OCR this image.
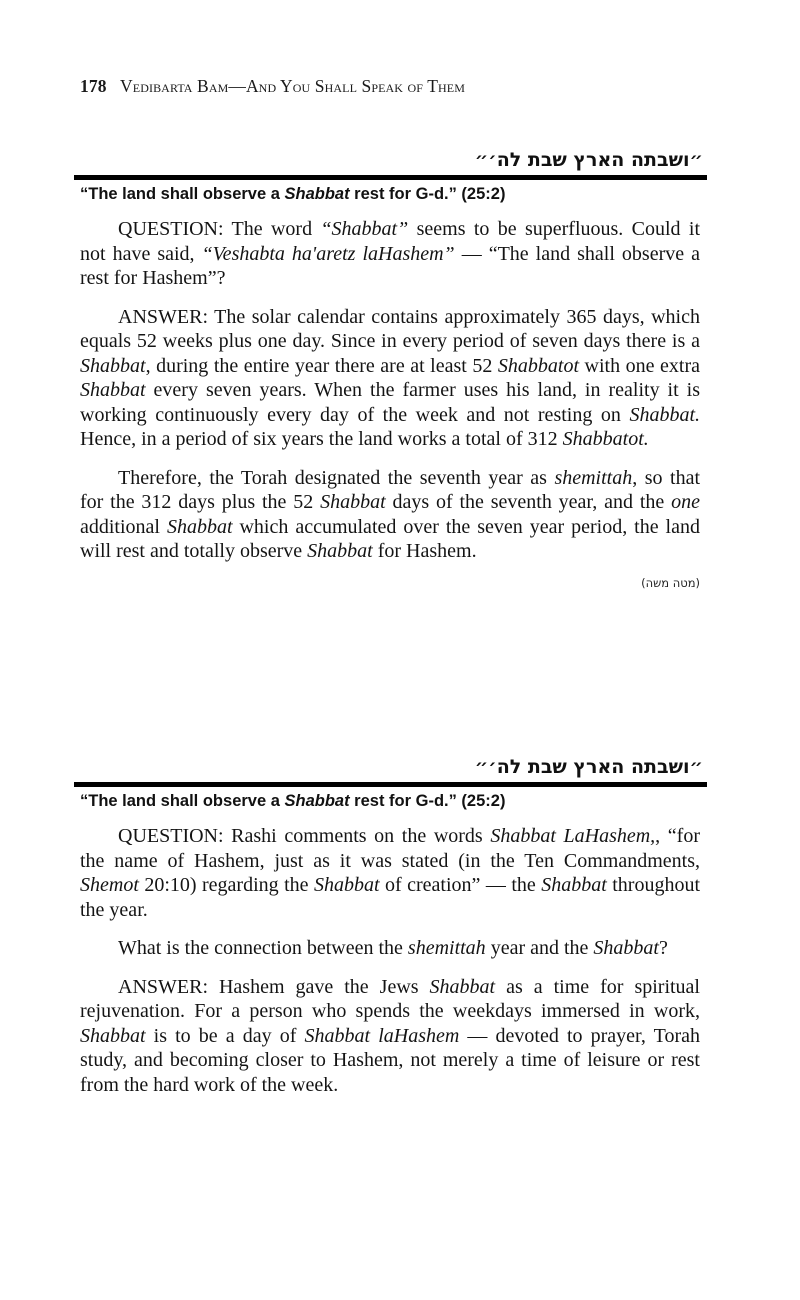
178 Vedibarta Bam—And You Shall Speak of Them
״ושבתה הארץ שבת לה׳״
“The land shall observe a Shabbat rest for G-d.” (25:2)

QUESTION: The word “Shabbat” seems to be superfluous. Could it not have said, “Veshabta ha'aretz laHashem” — “The land shall observe a rest for Hashem”?

ANSWER: The solar calendar contains approximately 365 days, which equals 52 weeks plus one day. Since in every period of seven days there is a Shabbat, during the entire year there are at least 52 Shabbatot with one extra Shabbat every seven years. When the farmer uses his land, in reality it is working continuously every day of the week and not resting on Shabbat. Hence, in a period of six years the land works a total of 312 Shabbatot.

Therefore, the Torah designated the seventh year as shemittah, so that for the 312 days plus the 52 Shabbat days of the seventh year, and the one additional Shabbat which accumulated over the seven year period, the land will rest and totally observe Shabbat for Hashem.

(מטה משה)
״ושבתה הארץ שבת לה׳״
“The land shall observe a Shabbat rest for G-d.” (25:2)

QUESTION: Rashi comments on the words Shabbat LaHashem,, “for the name of Hashem, just as it was stated (in the Ten Commandments, Shemot 20:10) regarding the Shabbat of creation” — the Shabbat throughout the year.

What is the connection between the shemittah year and the Shabbat?

ANSWER: Hashem gave the Jews Shabbat as a time for spiritual rejuvenation. For a person who spends the weekdays immersed in work, Shabbat is to be a day of Shabbat laHashem — devoted to prayer, Torah study, and becoming closer to Hashem, not merely a time of leisure or rest from the hard work of the week.
